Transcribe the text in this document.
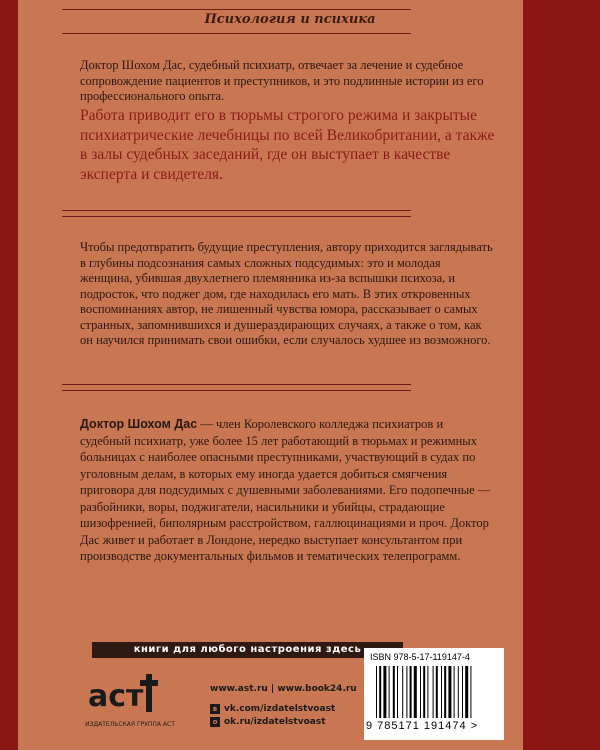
Психология и психика
Доктор Шохом Дас, судебный психиатр, отвечает за лечение и судебное сопровождение пациентов и преступников, и это подлинные истории из его профессионального опыта.
Работа приводит его в тюрьмы строгого режима и закрытые психиатрические лечебницы по всей Великобритании, а также в залы судебных заседаний, где он выступает в качестве эксперта и свидетеля.
Чтобы предотвратить будущие преступления, автору приходится заглядывать в глубины подсознания самых сложных подсудимых: это и молодая женщина, убившая двухлетнего племянника из-за вспышки психоза, и подросток, что поджег дом, где находилась его мать. В этих откровенных воспоминаниях автор, не лишенный чувства юмора, рассказывает о самых странных, запомнившихся и душераздирающих случаях, а также о том, как он научился принимать свои ошибки, если случалось худшее из возможного.
Доктор Шохом Дас — член Королевского колледжа психиатров и судебный психиатр, уже более 15 лет работающий в тюрьмах и режимных больницах с наиболее опасными преступниками, участвующий в судах по уголовным делам, в которых ему иногда удается добиться смягчения приговора для подсудимых с душевными заболеваниями. Его подопечные — разбойники, воры, поджигатели, насильники и убийцы, страдающие шизофренией, биполярным расстройством, галлюцинациями и проч. Доктор Дас живет и работает в Лондоне, нередко выступает консультантом при производстве документальных фильмов и тематических телепрограмм.
книги для любого настроения здесь
аст
ИЗДАТЕЛЬСКАЯ ГРУППА АСТ
www.ast.ru | www.book24.ru
в vk.com/izdatelstvoast
о ok.ru/izdatelstvoast
ISBN 978-5-17-119147-4
9 785171 191474 >
